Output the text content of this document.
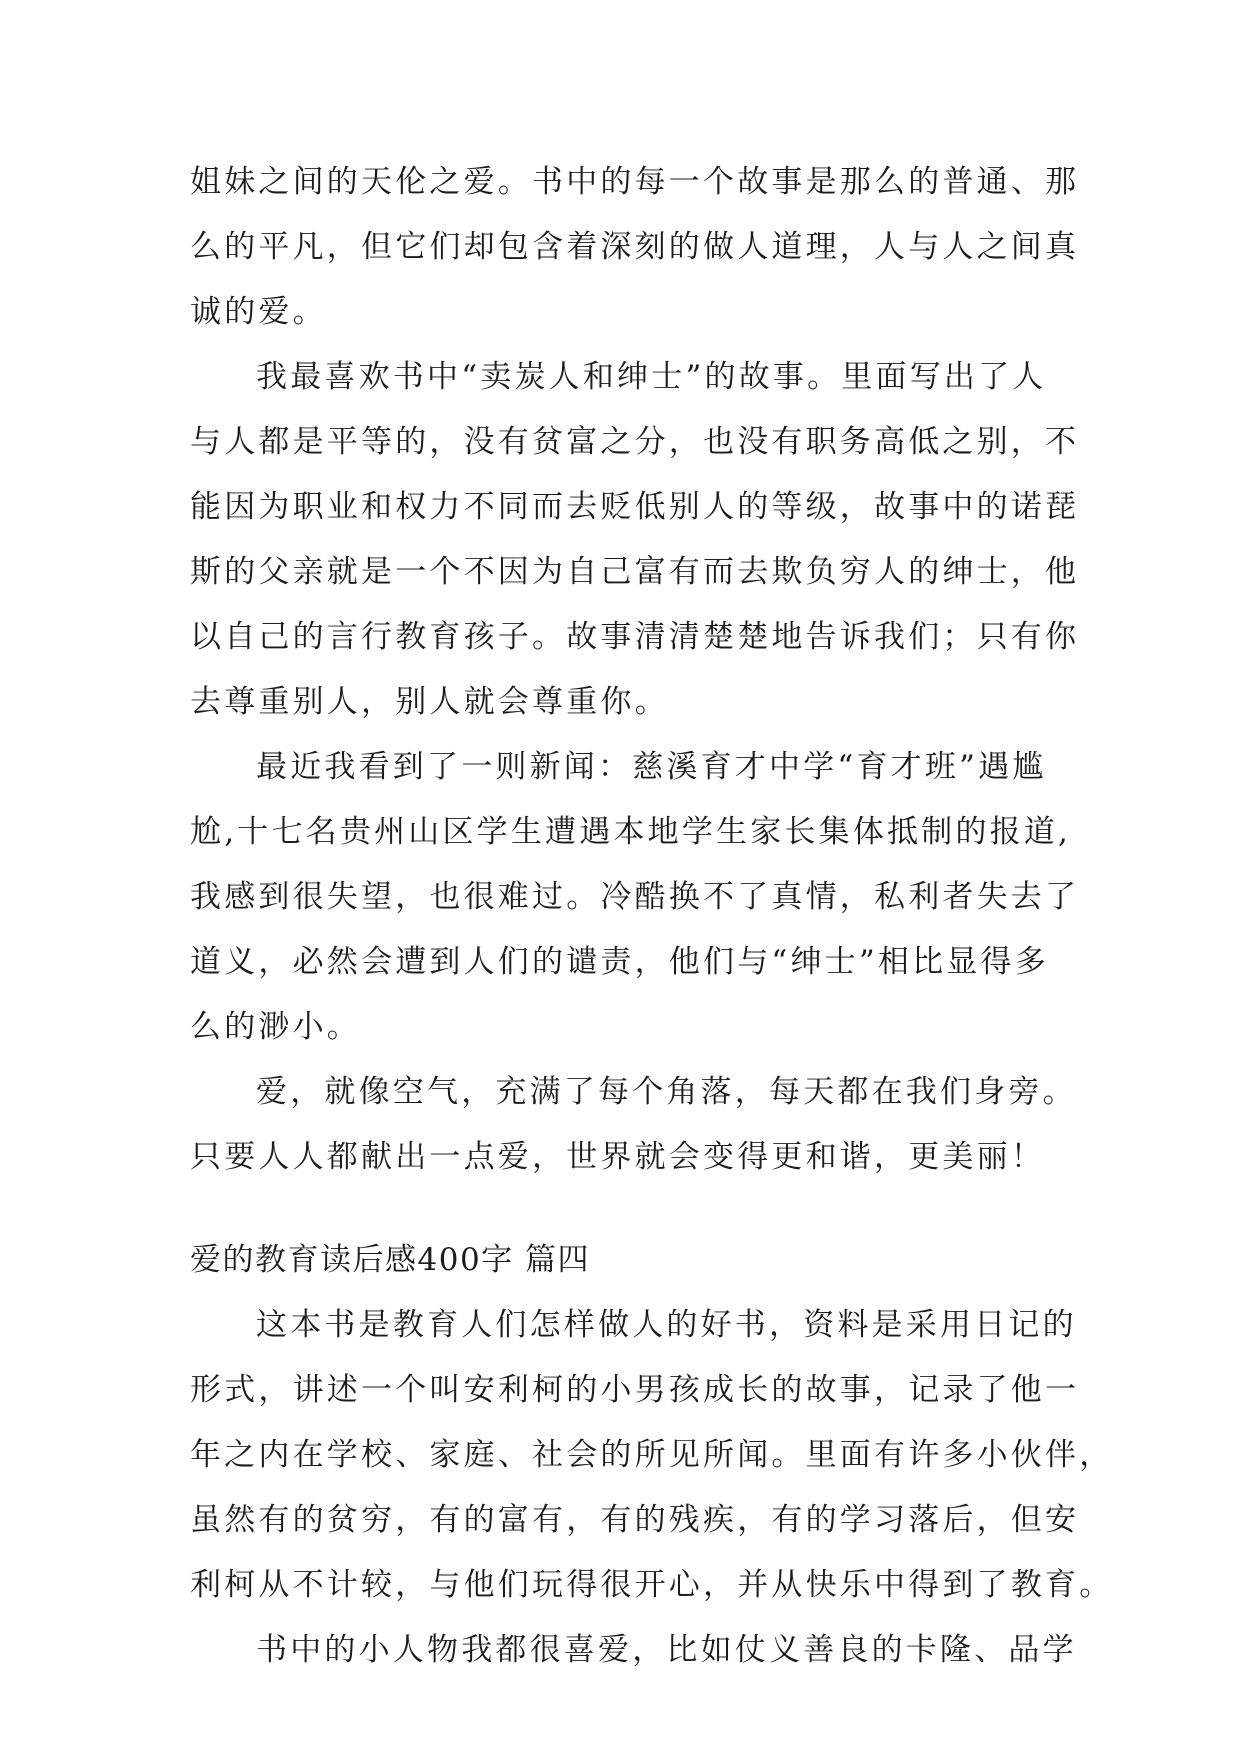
姐妹之间的天伦之爱。书中的每一个故事是那么的普通、那
么的平凡，但它们却包含着深刻的做人道理，人与人之间真
诚的爱。
我最喜欢书中“卖炭人和绅士”的故事。里面写出了人
与人都是平等的，没有贫富之分，也没有职务高低之别，不
能因为职业和权力不同而去贬低别人的等级，故事中的诺琵
斯的父亲就是一个不因为自己富有而去欺负穷人的绅士，他
以自己的言行教育孩子。故事清清楚楚地告诉我们；只有你
去尊重别人，别人就会尊重你。
最近我看到了一则新闻：慈溪育才中学“育才班”遇尴
尬,十七名贵州山区学生遭遇本地学生家长集体抵制的报道,
我感到很失望，也很难过。冷酷换不了真情，私利者失去了
道义，必然会遭到人们的谴责，他们与“绅士”相比显得多
么的渺小。
爱，就像空气，充满了每个角落，每天都在我们身旁。
只要人人都献出一点爱，世界就会变得更和谐，更美丽！
爱的教育读后感400字 篇四
这本书是教育人们怎样做人的好书，资料是采用日记的
形式，讲述一个叫安利柯的小男孩成长的故事，记录了他一
年之内在学校、家庭、社会的所见所闻。里面有许多小伙伴，
虽然有的贫穷，有的富有，有的残疾，有的学习落后，但安
利柯从不计较，与他们玩得很开心，并从快乐中得到了教育。
书中的小人物我都很喜爱，比如仗义善良的卡隆、品学
